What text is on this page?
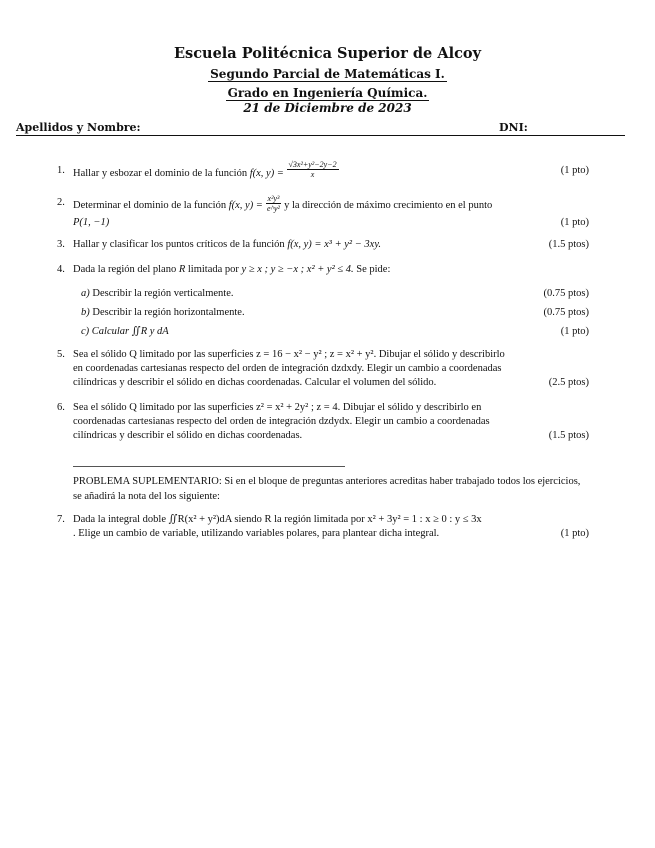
Escuela Politécnica Superior de Alcoy
Segundo Parcial de Matemáticas I.
Grado en Ingeniería Química.
21 de Diciembre de 2023
Apellidos y Nombre:	DNI:
1. Hallar y esbozar el dominio de la función f(x, $y) = \frac{\text{√3x²+y²−2y−2}}{x}$	(1 pto)
2. Determinar el dominio de la función f(x, $y) = \frac{\text{x²y³}}{\text{e\textasciicircum{}y²}}$ y la dirección de máximo crecimiento en el punto
P(1, −1)	(1 pto)
3. Hallar y clasificar los puntos críticos de la función f(x, y) = x³ + y² − 3xy.	(1.5 ptos)
4. Dada la región del plano R limitada por y ≥ x ; y ≥ −x ; x² + y² ≤ 4. Se pide:
a) Describir la región verticalmente.	(0.75 ptos)
b) Describir la región horizontalmente.	(0.75 ptos)
c) Calcular ∬R y dA	(1 pto)
5. Sea el sólido Q limitado por las superficies z = 16 − x² − y² ; z = x² + y². Dibujar el sólido y describirlo
en coordenadas cartesianas respecto del orden de integración dzdxdy. Elegir un cambio a coordenadas
cilíndricas y describir el sólido en dichas coordenadas. Calcular el volumen del sólido.	(2.5 ptos)
6. Sea el sólido Q limitado por las superficies z² = x² + 2y² ; z = 4. Dibujar el sólido y describirlo en
coordenadas cartesianas respecto del orden de integración dzdydx. Elegir un cambio a coordenadas
cilíndricas y describir el sólido en dichas coordenadas.	(1.5 ptos)
PROBLEMA SUPLEMENTARIO: Si en el bloque de preguntas anteriores acreditas haber trabajado todos los ejercicios, se añadirá la nota del los siguiente:
7. Dada la integral doble ∬R(x² + y²)dA siendo R la región limitada por x² + 3y² = 1 : x ≥ 0 : y ≤ 3x
. Elige un cambio de variable, utilizando variables polares, para plantear dicha integral.	(1 pto)
